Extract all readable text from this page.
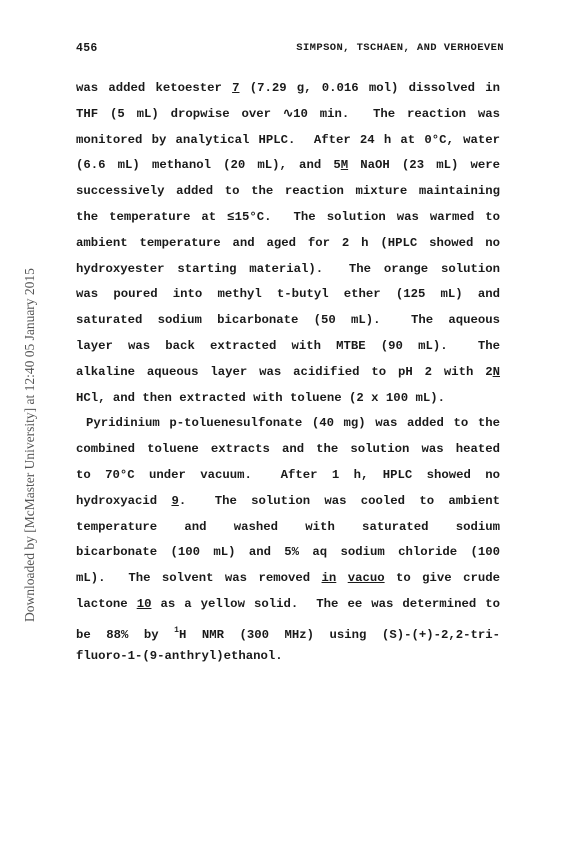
456	SIMPSON, TSCHAEN, AND VERHOEVEN
Downloaded by [McMaster University] at 12:40 05 January 2015
was added ketoester 7 (7.29 g, 0.016 mol) dissolved in
THF (5 mL) dropwise over ∿10 min.  The reaction was
monitored by analytical HPLC.  After 24 h at 0°C, water
(6.6 mL) methanol (20 mL), and 5M NaOH (23 mL) were
successively added to the reaction mixture maintaining
the temperature at ≤15°C.  The solution was warmed to
ambient temperature and aged for 2 h (HPLC showed no
hydroxyester starting material).  The orange solution
was poured into methyl t-butyl ether (125 mL) and
saturated sodium bicarbonate (50 mL).  The aqueous
layer was back extracted with MTBE (90 mL).  The
alkaline aqueous layer was acidified to pH 2 with 2N
HCl, and then extracted with toluene (2 x 100 mL).
Pyridinium p-toluenesulfonate (40 mg) was added to the
combined toluene extracts and the solution was heated
to 70°C under vacuum.  After 1 h, HPLC showed no
hydroxyacid 9.  The solution was cooled to ambient
temperature and washed with saturated sodium
bicarbonate (100 mL) and 5% aq sodium chloride (100
mL).  The solvent was removed in vacuo to give crude
lactone 10 as a yellow solid.  The ee was determined to
be 88% by $^1$H NMR (300 MHz) using (S)-(+)-2,2-tri-
fluoro-1-(9-anthryl)ethanol.
